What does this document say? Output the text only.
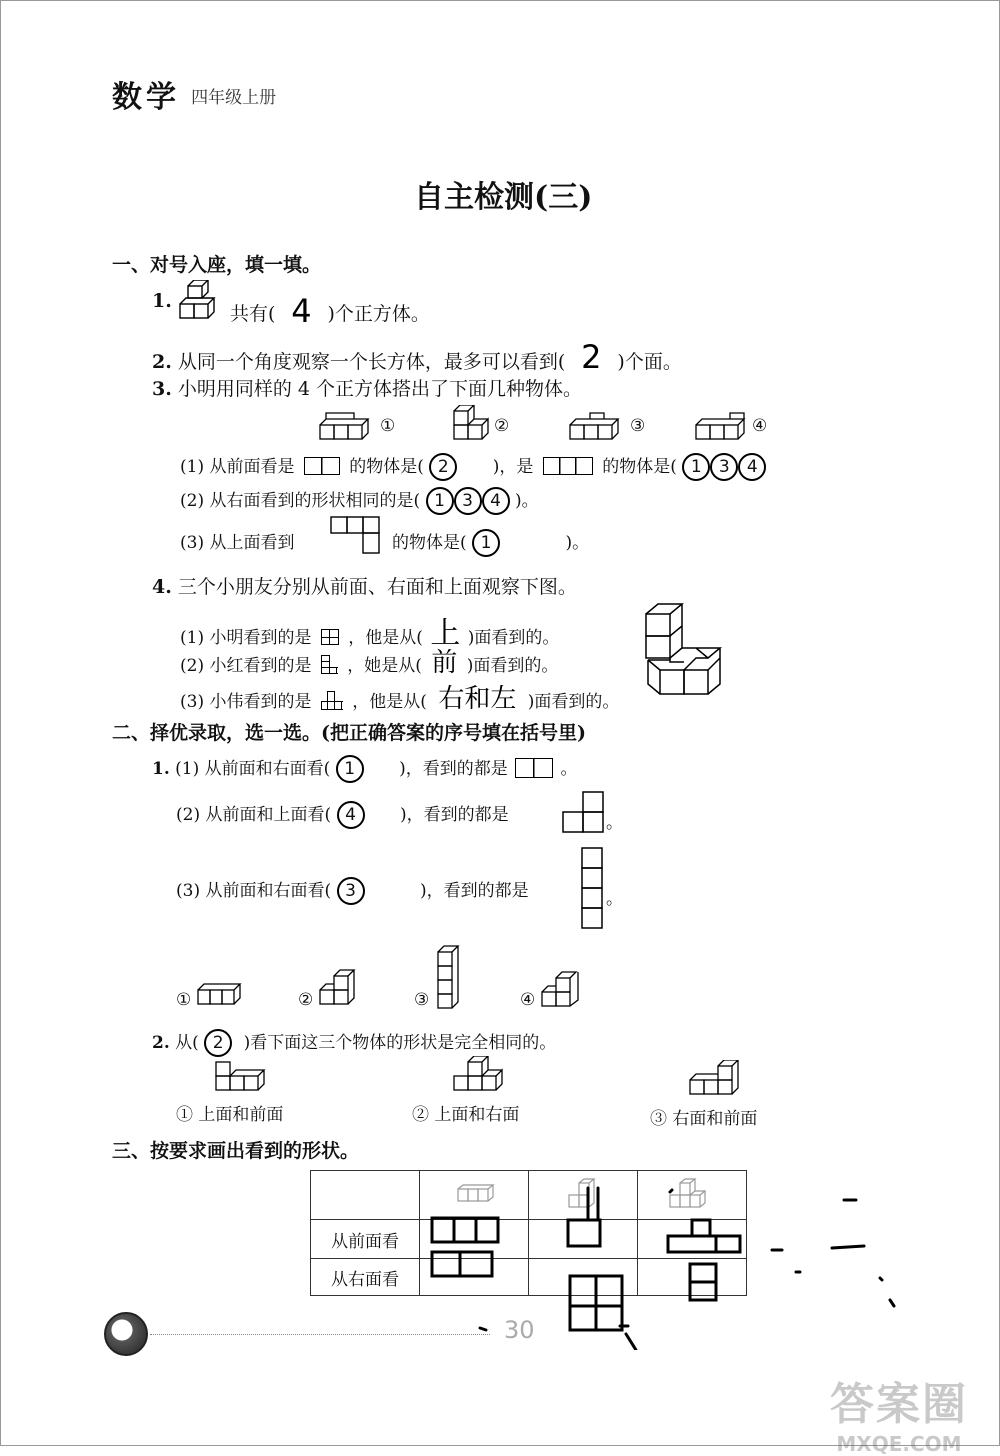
数学 四年级上册
自主检测(三)
一、对号入座，填一填。
1.
共有( 4 )个正方体。
2. 从同一个角度观察一个长方体，最多可以看到( 2 )个面。
3. 小明用同样的 4 个正方体搭出了下面几种物体。
①	②	③	④
(1) 从前面看是	的物体是( 2	)，是	的物体是( 1 3 4
(2) 从右面看到的形状相同的是( 1 3 4 )。
(3) 从上面看到	的物体是( 1	)。
4. 三个小朋友分别从前面、右面和上面观察下图。
(1) 小明看到的是 ，他是从( 上 )面看到的。
(2) 小红看到的是 ，她是从( 前 )面看到的。
(3) 小伟看到的是 ，他是从( 右和左 )面看到的。
二、择优录取，选一选。(把正确答案的序号填在括号里)
1. (1) 从前面和右面看( 1	)，看到的都是	。
(2) 从前面和上面看( 4	)，看到的都是	。
(3) 从前面和右面看( 3	)，看到的都是	。
①	②	③	④
2. 从( 2 )看下面这三个物体的形状是完全相同的。
① 上面和前面	② 上面和右面	③ 右面和前面
三、按要求画出看到的形状。

从前面看			
从右面看			
30
答案圈
MXQE.COM
